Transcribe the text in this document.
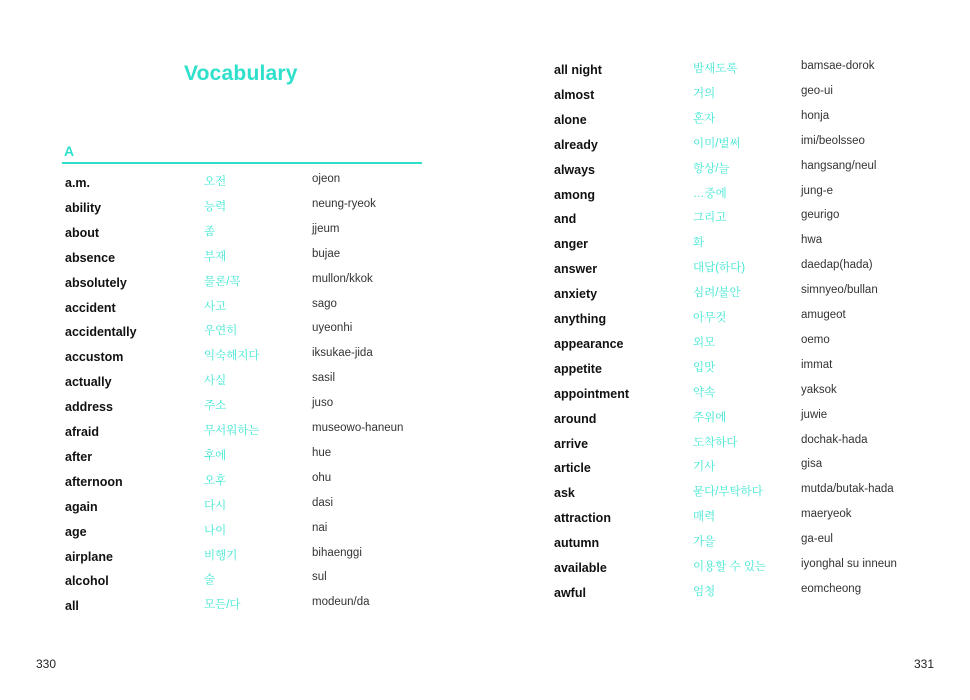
Vocabulary
A
a.m.	오전	ojeon
ability	능력	neung-ryeok
about	좀	jjeum
absence	부재	bujae
absolutely	물론/꼭	mullon/kkok
accident	사고	sago
accidentally	우연히	uyeonhi
accustom	익숙해지다	iksukae-jida
actually	사실	sasil
address	주소	juso
afraid	무서워하는	museowo-haneun
after	후에	hue
afternoon	오후	ohu
again	다시	dasi
age	나이	nai
airplane	비행기	bihaenggi
alcohol	술	sul
all	모든/다	modeun/da
330
all night	밤새도록	bamsae-dorok
almost	거의	geo-ui
alone	혼자	honja
already	이미/벌써	imi/beolsseo
always	항상/늘	hangsang/neul
among	…중에	jung-e
and	그리고	geurigo
anger	화	hwa
answer	대답(하다)	daedap(hada)
anxiety	심려/불안	simnyeo/bullan
anything	아무것	amugeot
appearance	외모	oemo
appetite	입맛	immat
appointment	약속	yaksok
around	주위에	juwie
arrive	도착하다	dochak-hada
article	기사	gisa
ask	묻다/부탁하다	mutda/butak-hada
attraction	매력	maeryeok
autumn	가을	ga-eul
available	이용할 수 있는	iyonghal su inneun
awful	엄청	eomcheong
331
